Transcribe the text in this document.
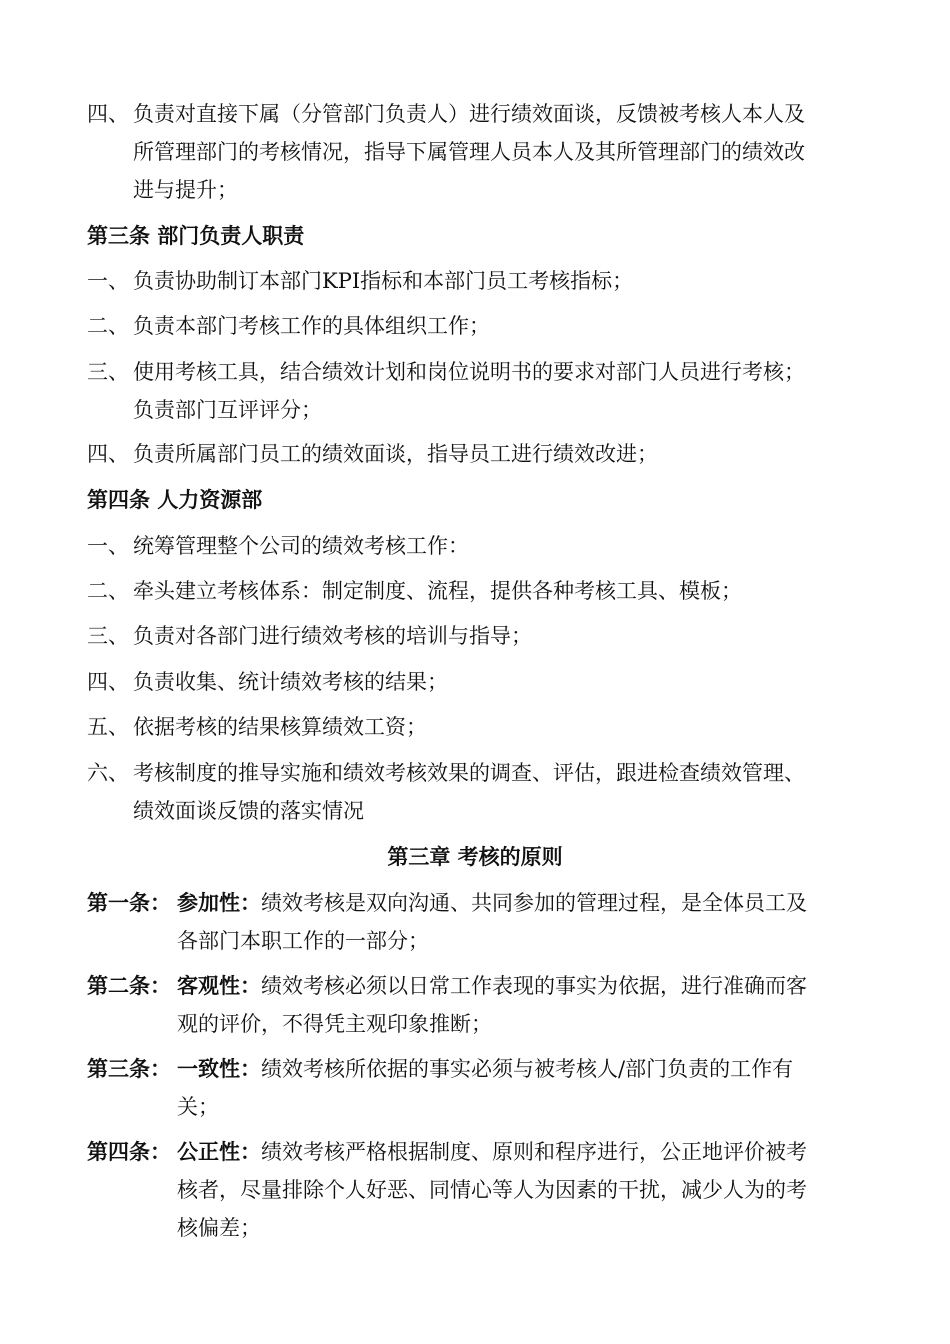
四、 负责对直接下属（分管部门负责人）进行绩效面谈，反馈被考核人本人及
所管理部门的考核情况，指导下属管理人员本人及其所管理部门的绩效改
进与提升；
第三条 部门负责人职责
一、 负责协助制订本部门KPI指标和本部门员工考核指标；
二、 负责本部门考核工作的具体组织工作；
三、 使用考核工具，结合绩效计划和岗位说明书的要求对部门人员进行考核；
负责部门互评评分；
四、 负责所属部门员工的绩效面谈，指导员工进行绩效改进；
第四条 人力资源部
一、 统筹管理整个公司的绩效考核工作：
二、 牵头建立考核体系：制定制度、流程，提供各种考核工具、模板；
三、 负责对各部门进行绩效考核的培训与指导；
四、 负责收集、统计绩效考核的结果；
五、 依据考核的结果核算绩效工资；
六、 考核制度的推导实施和绩效考核效果的调查、评估，跟进检查绩效管理、
绩效面谈反馈的落实情况
第三章 考核的原则
第一条： 参加性：绩效考核是双向沟通、共同参加的管理过程，是全体员工及
各部门本职工作的一部分；
第二条： 客观性：绩效考核必须以日常工作表现的事实为依据，进行准确而客
观的评价，不得凭主观印象推断；
第三条： 一致性：绩效考核所依据的事实必须与被考核人/部门负责的工作有
关；
第四条： 公正性：绩效考核严格根据制度、原则和程序进行，公正地评价被考
核者，尽量排除个人好恶、同情心等人为因素的干扰，减少人为的考
核偏差；
